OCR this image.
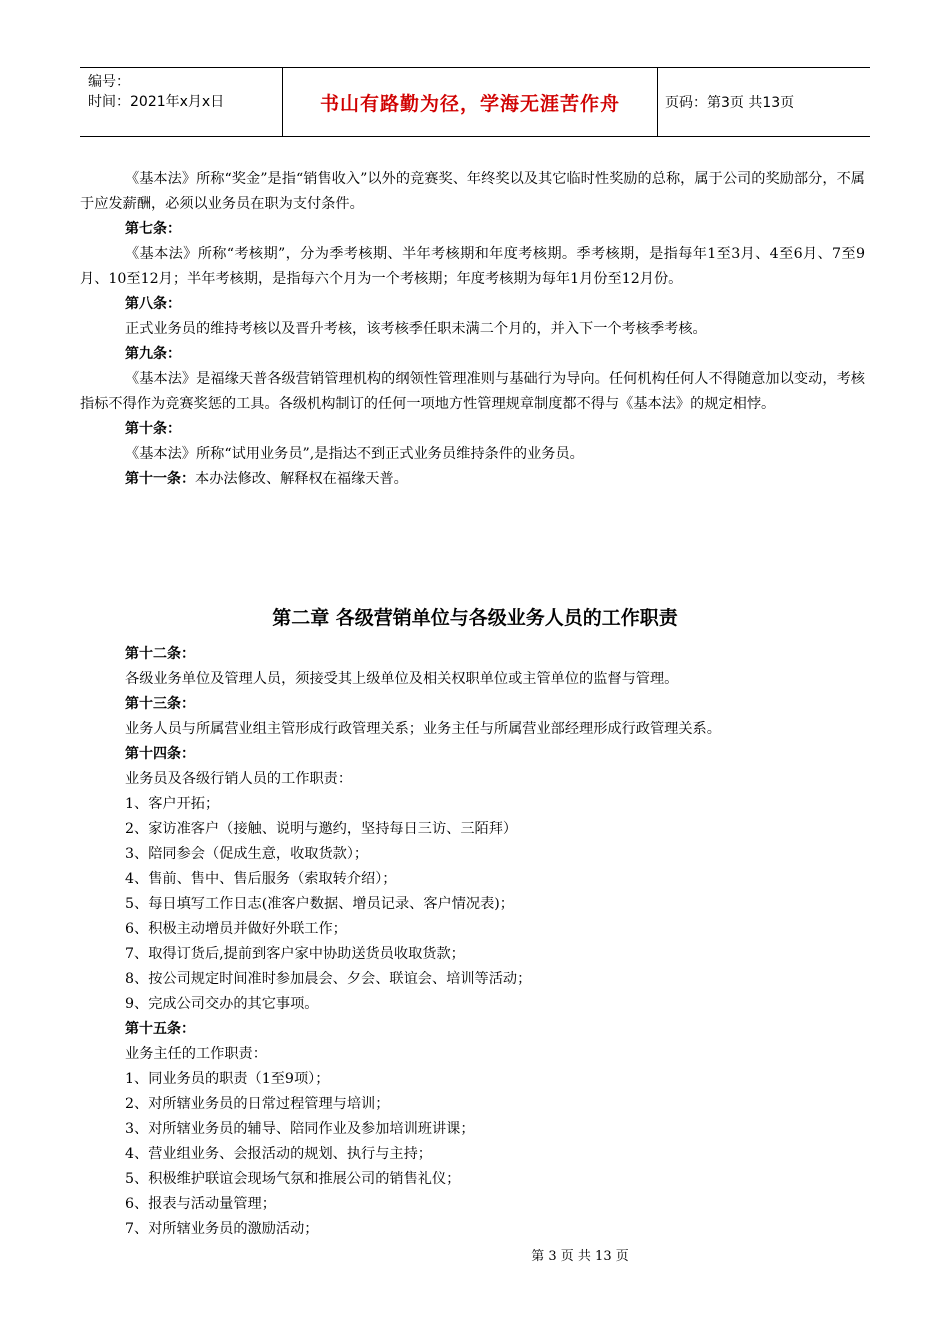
编号：
时间：2021年x月x日	书山有路勤为径，学海无涯苦作舟	页码：第3页 共13页

《基本法》所称“奖金”是指“销售收入”以外的竞赛奖、年终奖以及其它临时性奖励的总称，属于公司的奖励部分，不属于应发薪酬，必须以业务员在职为支付条件。

第七条：

《基本法》所称“考核期”，分为季考核期、半年考核期和年度考核期。季考核期，是指每年1至3月、4至6月、7至9月、10至12月；半年考核期，是指每六个月为一个考核期；年度考核期为每年1月份至12月份。

第八条：

正式业务员的维持考核以及晋升考核，该考核季任职未满二个月的，并入下一个考核季考核。

第九条：

《基本法》是福缘天普各级营销管理机构的纲领性管理准则与基础行为导向。任何机构任何人不得随意加以变动，考核指标不得作为竞赛奖惩的工具。各级机构制订的任何一项地方性管理规章制度都不得与《基本法》的规定相悖。

第十条：

《基本法》所称“试用业务员”,是指达不到正式业务员维持条件的业务员。

第十一条：本办法修改、解释权在福缘天普。

第二章 各级营销单位与各级业务人员的工作职责

第十二条：

各级业务单位及管理人员，须接受其上级单位及相关权职单位或主管单位的监督与管理。

第十三条：

业务人员与所属营业组主管形成行政管理关系；业务主任与所属营业部经理形成行政管理关系。

第十四条：

业务员及各级行销人员的工作职责：

1、客户开拓；

2、家访准客户（接触、说明与邀约，坚持每日三访、三陌拜）

3、陪同参会（促成生意，收取货款）；

4、售前、售中、售后服务（索取转介绍）；

5、每日填写工作日志(准客户数据、增员记录、客户情况表)；

6、积极主动增员并做好外联工作；

7、取得订货后,提前到客户家中协助送货员收取货款；

8、按公司规定时间准时参加晨会、夕会、联谊会、培训等活动；

9、完成公司交办的其它事项。

第十五条：

业务主任的工作职责：

1、同业务员的职责（1至9项）；

2、对所辖业务员的日常过程管理与培训；

3、对所辖业务员的辅导、陪同作业及参加培训班讲课；

4、营业组业务、会报活动的规划、执行与主持；

5、积极维护联谊会现场气氛和推展公司的销售礼仪；

6、报表与活动量管理；

7、对所辖业务员的激励活动；

第 3 页 共 13 页
